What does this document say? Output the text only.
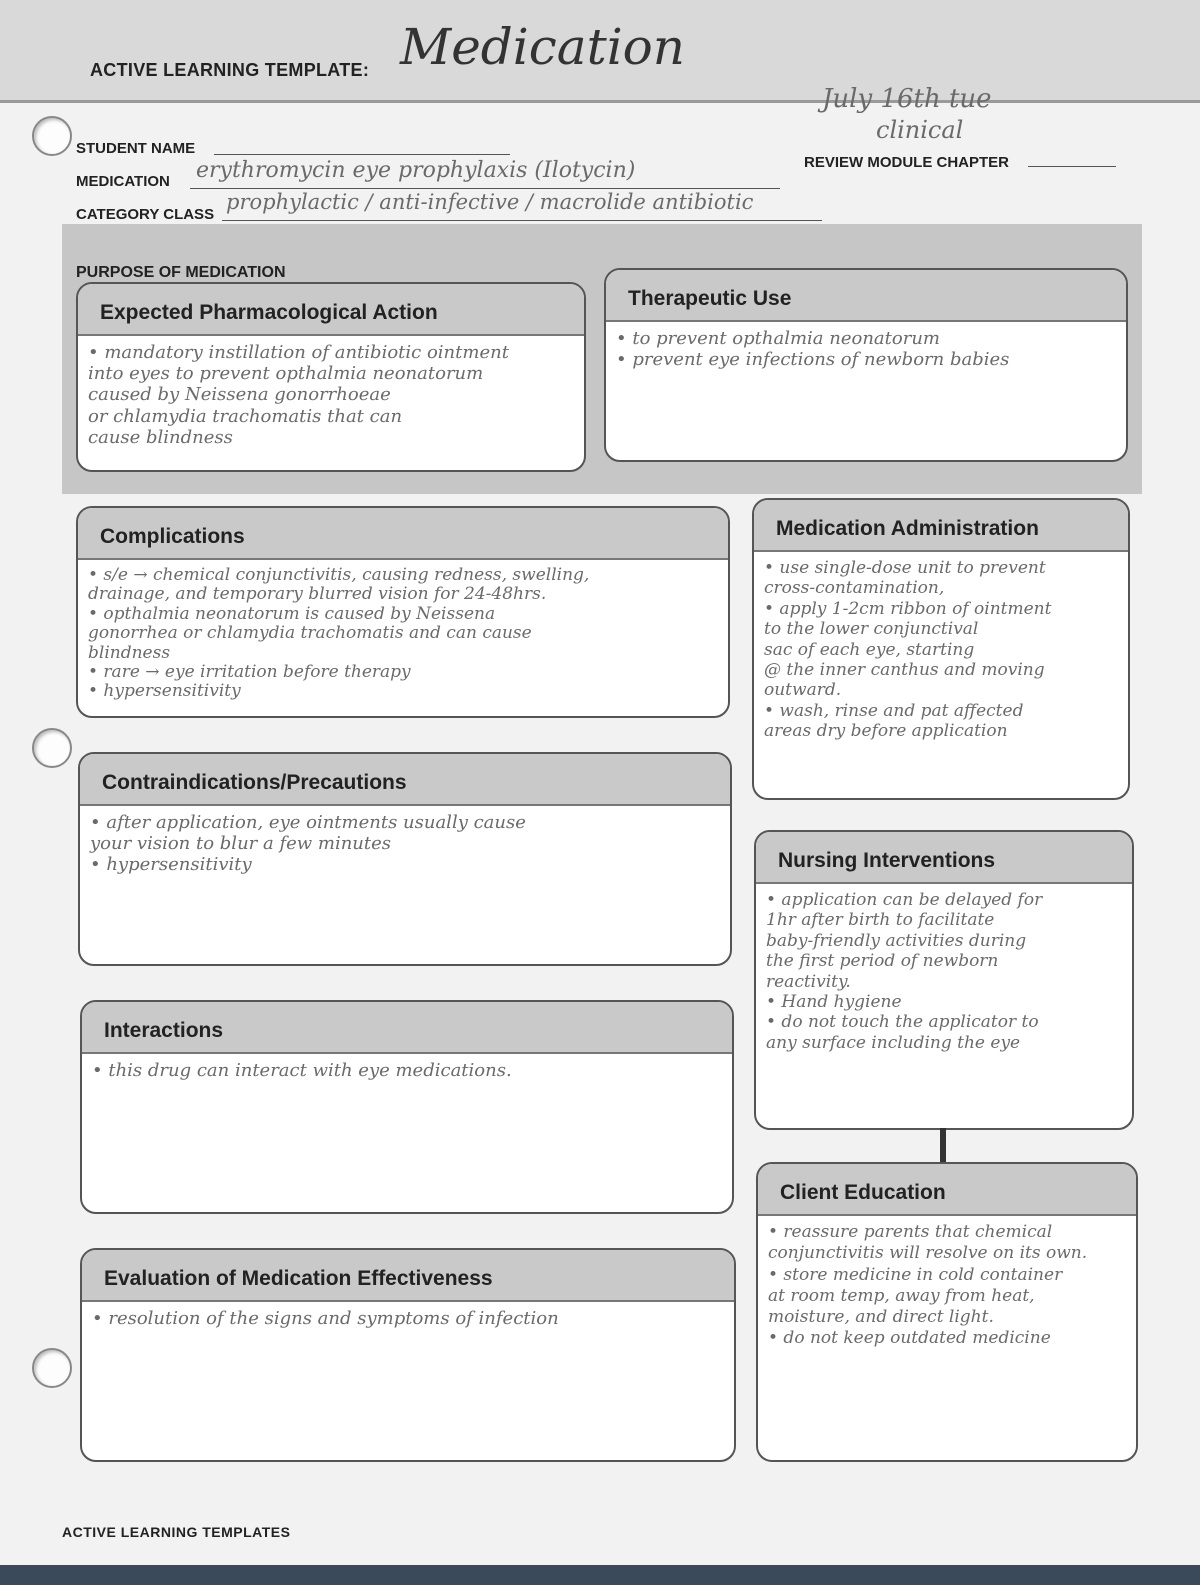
ACTIVE LEARNING TEMPLATE: Medication
STUDENT NAME
MEDICATION erythromycin eye prophylaxis (Ilotycin)
CATEGORY CLASS
prophylactic / anti-infective / macrolide antibiotic
REVIEW MODULE CHAPTER
July 16th tue
clinical
PURPOSE OF MEDICATION
Expected Pharmacological Action
• mandatory instillation of antibiotic ointment
into eyes to prevent opthalmia neonatorum
caused by Neissena gonorrhoeae
or chlamydia trachomatis that can
cause blindness
Therapeutic Use
• to prevent opthalmia neonatorum
• prevent eye infections of newborn babies
Complications
• s/e → chemical conjunctivitis, causing redness, swelling,
drainage, and temporary blurred vision for 24-48hrs.
• opthalmia neonatorum is caused by Neissena
gonorrhea or chlamydia trachomatis and can cause
blindness
• rare → eye irritation before therapy
• hypersensitivity
Medication Administration
• use single-dose unit to prevent
cross-contamination,
• apply 1-2cm ribbon of ointment
to the lower conjunctival
sac of each eye, starting
@ the inner canthus and moving
outward.
• wash, rinse and pat affected
areas dry before application
Contraindications/Precautions
• after application, eye ointments usually cause
your vision to blur a few minutes
• hypersensitivity	Nursing Interventions
• application can be delayed for
1hr after birth to facilitate
baby-friendly activities during
the first period of newborn
reactivity.
• Hand hygiene
• do not touch the applicator to
any surface including the eye
Interactions
• this drug can interact with eye medications.
Client Education
• reassure parents that chemical
conjunctivitis will resolve on its own.
• store medicine in cold container
at room temp, away from heat,
moisture, and direct light.
• do not keep outdated medicine
Evaluation of Medication Effectiveness
• resolution of the signs and symptoms of infection
ACTIVE LEARNING TEMPLATES
